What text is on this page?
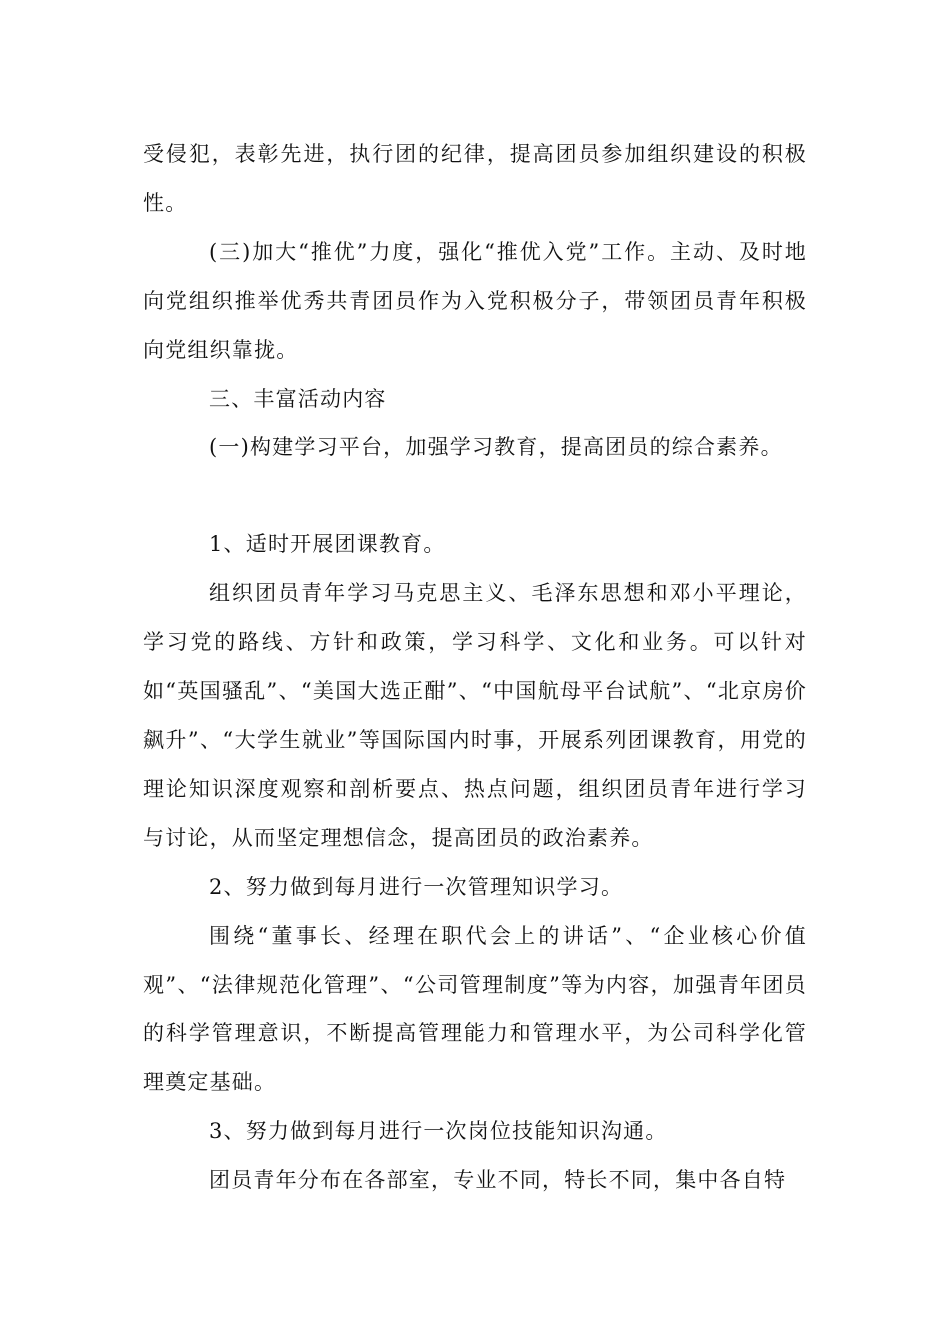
受侵犯，表彰先进，执行团的纪律，提高团员参加组织建设的积极性。

(三)加大“推优”力度，强化“推优入党”工作。主动、及时地向党组织推举优秀共青团员作为入党积极分子，带领团员青年积极向党组织靠拢。

三、丰富活动内容

(一)构建学习平台，加强学习教育，提高团员的综合素养。

1、适时开展团课教育。

组织团员青年学习马克思主义、毛泽东思想和邓小平理论，学习党的路线、方针和政策，学习科学、文化和业务。可以针对如“英国骚乱”、“美国大选正酣”、“中国航母平台试航”、“北京房价飙升”、“大学生就业”等国际国内时事，开展系列团课教育，用党的理论知识深度观察和剖析要点、热点问题，组织团员青年进行学习与讨论，从而坚定理想信念，提高团员的政治素养。

2、努力做到每月进行一次管理知识学习。

围绕“董事长、经理在职代会上的讲话”、“企业核心价值观”、“法律规范化管理”、“公司管理制度”等为内容，加强青年团员的科学管理意识，不断提高管理能力和管理水平，为公司科学化管理奠定基础。

3、努力做到每月进行一次岗位技能知识沟通。

团员青年分布在各部室，专业不同，特长不同，集中各自特
